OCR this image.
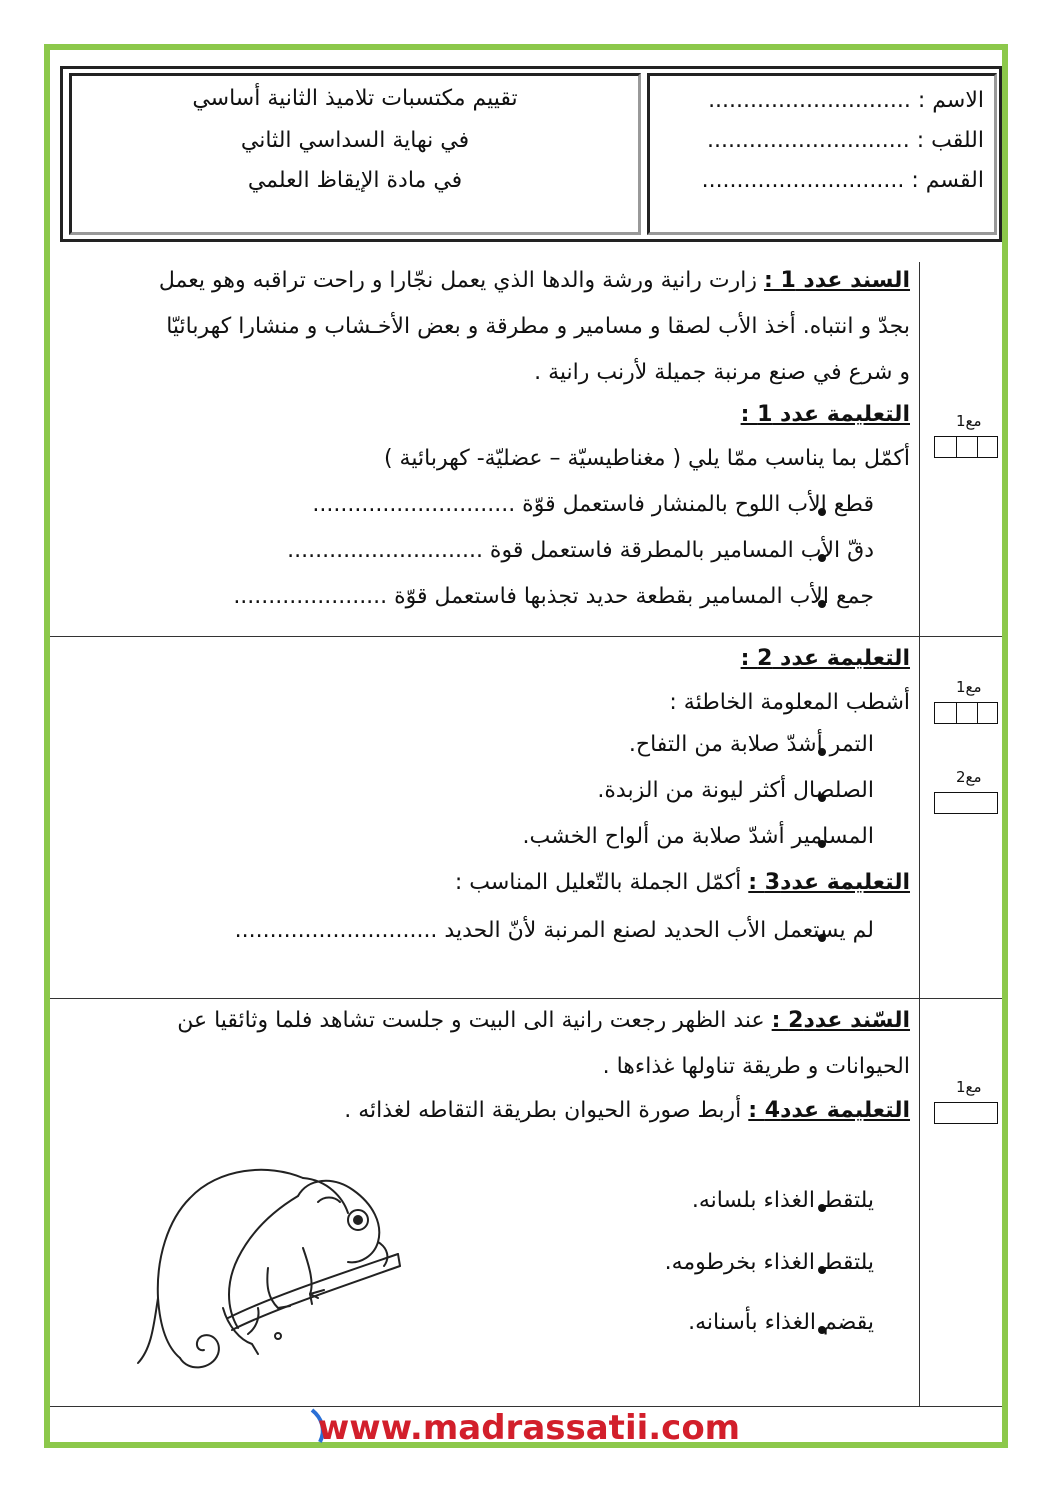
الاسم : .............................
اللقب : .............................
القسم : .............................
تقييم مكتسبات تلاميذ الثانية أساسي
في نهاية السداسي الثاني
في مادة الإيقاظ العلمي
السند عدد 1 : زارت رانية ورشة والدها الذي يعمل نجّارا و راحت تراقبه وهو يعمل
بجدّ و انتباه. أخذ الأب لصقا و مسامير و مطرقة و بعض الأخـشاب و منشارا كهربائيّا
و شرع في صنع مرنبة جميلة لأرنب رانية .
التعليمة عدد 1 :
أكمّل بما يناسب ممّا يلي ( مغناطيسيّة – عضليّة- كهربائية )
قطع الأب اللوح بالمنشار فاستعمل قوّة .............................
دقّ الأب المسامير بالمطرقة فاستعمل قوة ............................
جمع الأب المسامير بقطعة حديد تجذبها فاستعمل قوّة ......................
مع1
التعليمة عدد 2 :
أشطب المعلومة الخاطئة :
التمر أشدّ صلابة من التفاح.
الصلصال أكثر ليونة من الزبدة.
المسامير أشدّ صلابة من ألواح الخشب.
التعليمة عدد3 : أكمّل الجملة بالتّعليل المناسب :
لم يستعمل الأب الحديد لصنع المرنبة لأنّ الحديد .............................
مع1
مع2
السّند عدد2 : عند الظهر رجعت رانية الى البيت و جلست تشاهد فلما وثائقيا عن
الحيوانات و طريقة تناولها غذاءها .
التعليمة عدد4 : أربط صورة الحيوان بطريقة التقاطه لغذائه .
يلتقط الغذاء بلسانه.
يلتقط الغذاء بخرطومه.
يقضم الغذاء بأسنانه.
مع1
www.madrassatii.com
